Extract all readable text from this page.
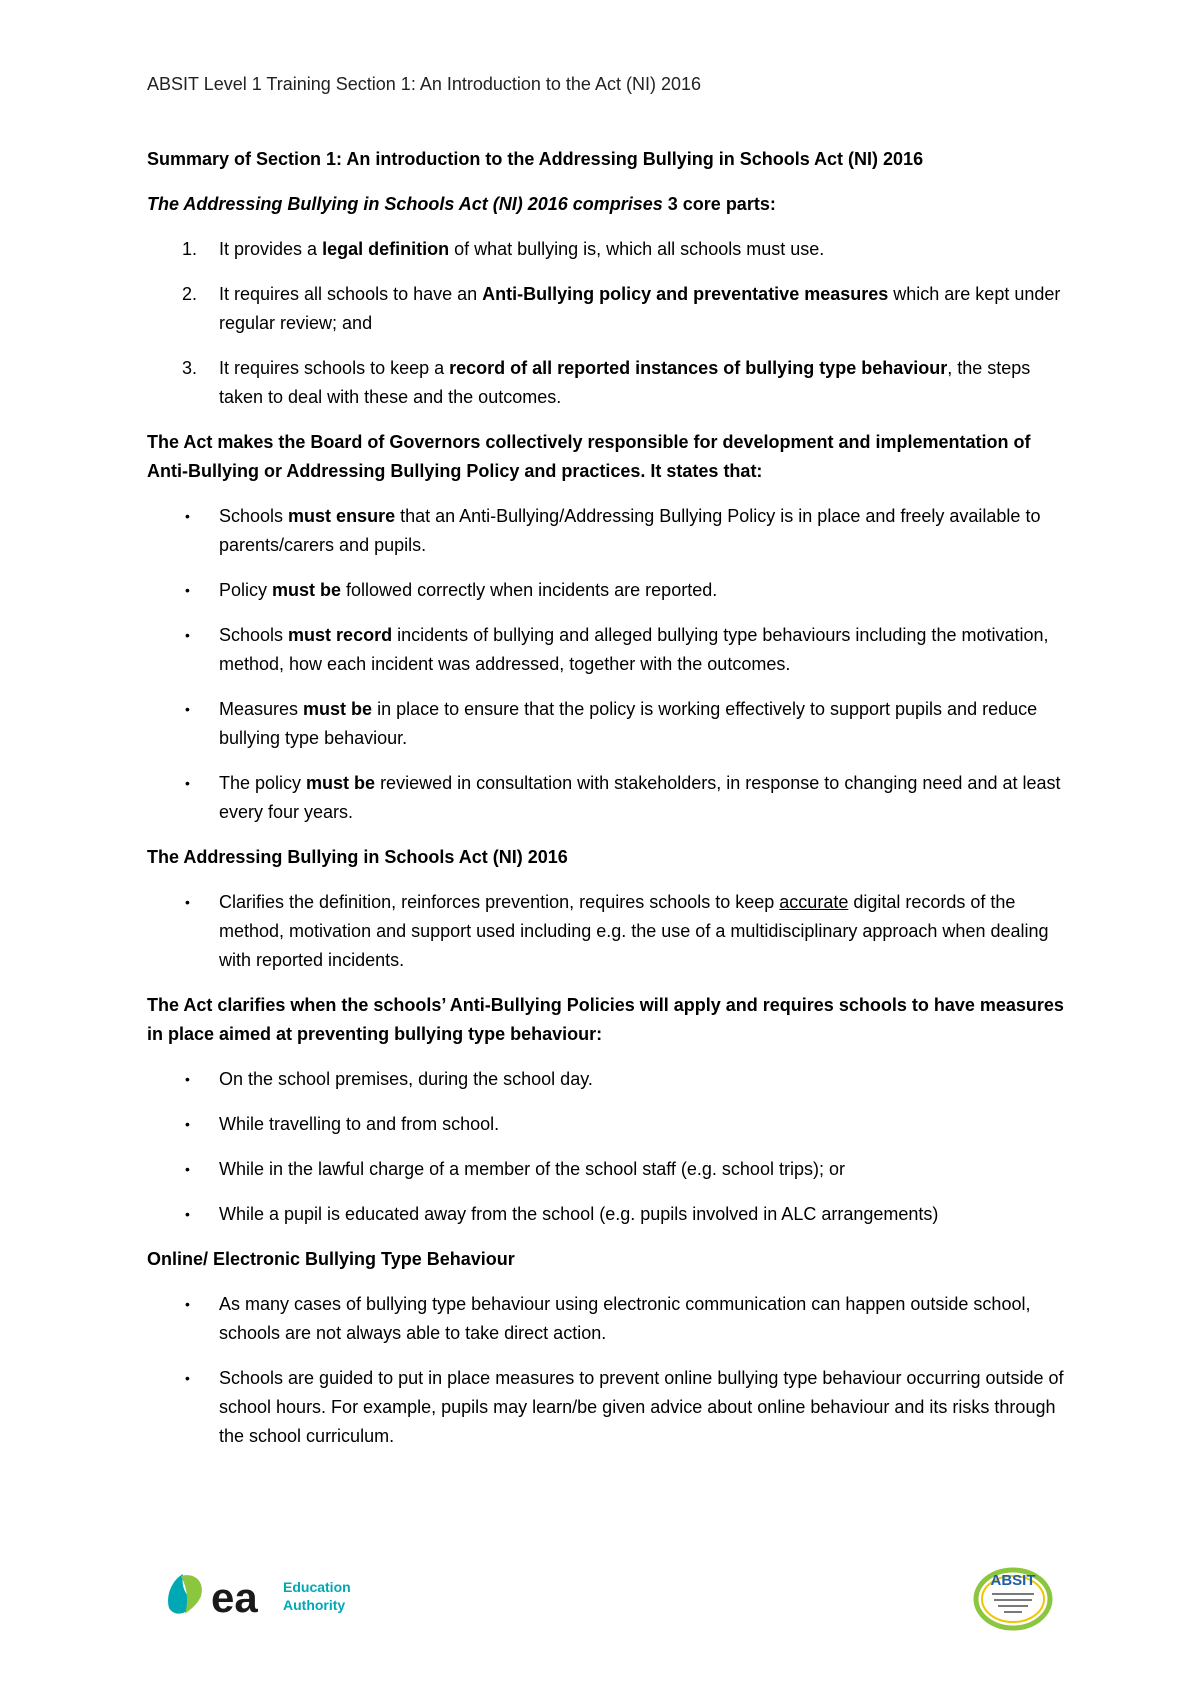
ABSIT Level 1 Training Section 1: An Introduction to the Act (NI) 2016

Summary of Section 1: An introduction to the Addressing Bullying in Schools Act (NI) 2016

The Addressing Bullying in Schools Act (NI) 2016 comprises 3 core parts:

1. It provides a legal definition of what bullying is, which all schools must use.
2. It requires all schools to have an Anti-Bullying policy and preventative measures which are kept under regular review; and
3. It requires schools to keep a record of all reported instances of bullying type behaviour, the steps taken to deal with these and the outcomes.

The Act makes the Board of Governors collectively responsible for development and implementation of Anti-Bullying or Addressing Bullying Policy and practices. It states that:

• Schools must ensure that an Anti-Bullying/Addressing Bullying Policy is in place and freely available to parents/carers and pupils.
• Policy must be followed correctly when incidents are reported.
• Schools must record incidents of bullying and alleged bullying type behaviours including the motivation, method, how each incident was addressed, together with the outcomes.
• Measures must be in place to ensure that the policy is working effectively to support pupils and reduce bullying type behaviour.
• The policy must be reviewed in consultation with stakeholders, in response to changing need and at least every four years.

The Addressing Bullying in Schools Act (NI) 2016

• Clarifies the definition, reinforces prevention, requires schools to keep accurate digital records of the method, motivation and support used including e.g. the use of a multidisciplinary approach when dealing with reported incidents.

The Act clarifies when the schools’ Anti-Bullying Policies will apply and requires schools to have measures in place aimed at preventing bullying type behaviour:

• On the school premises, during the school day.
• While travelling to and from school.
• While in the lawful charge of a member of the school staff (e.g. school trips); or
• While a pupil is educated away from the school (e.g. pupils involved in ALC arrangements)

Online/ Electronic Bullying Type Behaviour

• As many cases of bullying type behaviour using electronic communication can happen outside school, schools are not always able to take direct action.
• Schools are guided to put in place measures to prevent online bullying type behaviour occurring outside of school hours. For example, pupils may learn/be given advice about online behaviour and its risks through the school curriculum.
ea Education
Authority
ABSIT
